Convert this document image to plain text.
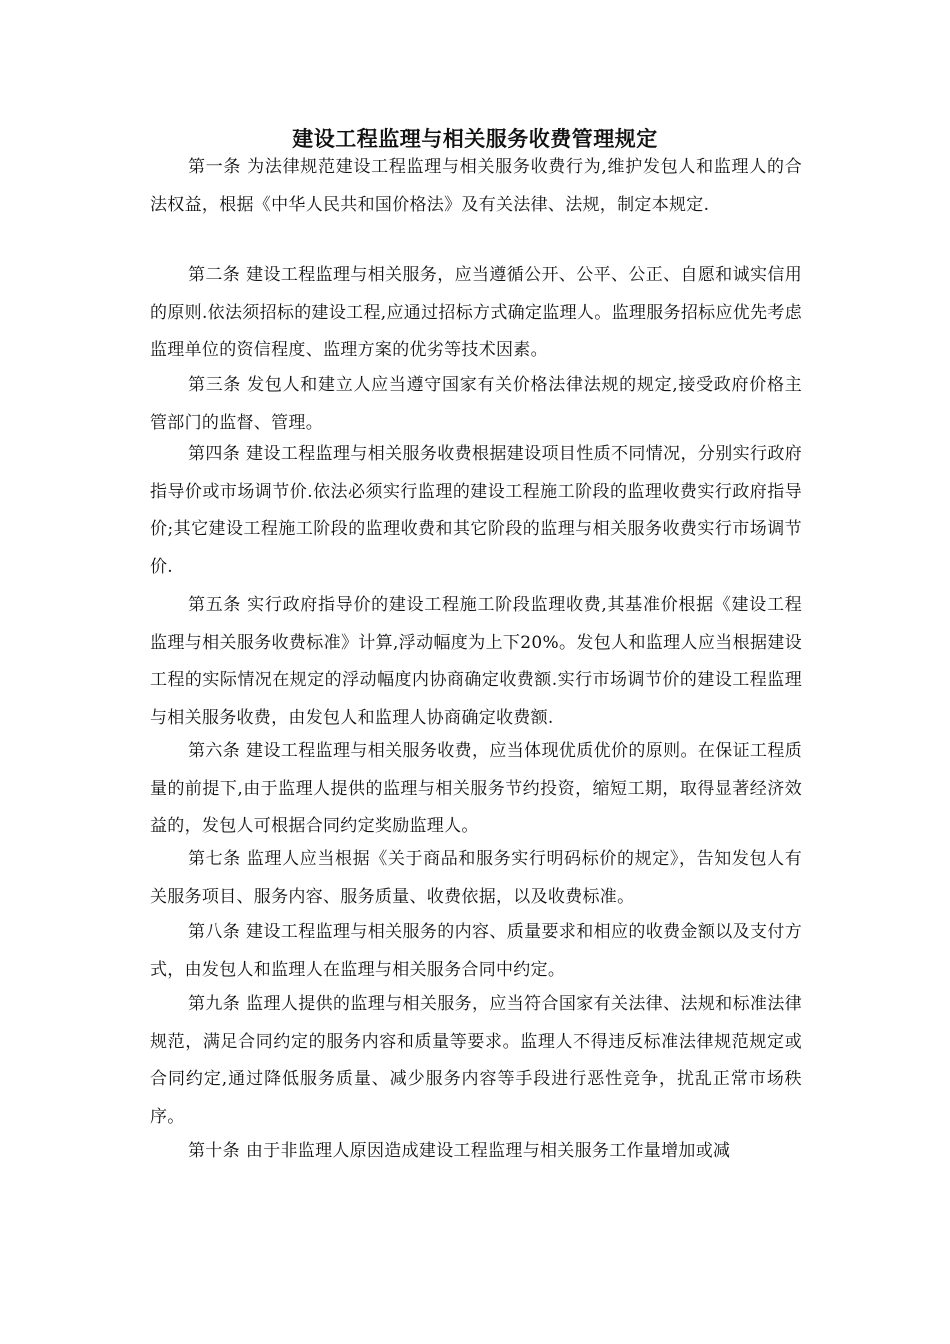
建设工程监理与相关服务收费管理规定

第一条 为法律规范建设工程监理与相关服务收费行为,维护发包人和监理人的合法权益，根据《中华人民共和国价格法》及有关法律、法规，制定本规定.

第二条 建设工程监理与相关服务，应当遵循公开、公平、公正、自愿和诚实信用的原则.依法须招标的建设工程,应通过招标方式确定监理人。监理服务招标应优先考虑监理单位的资信程度、监理方案的优劣等技术因素。

第三条 发包人和建立人应当遵守国家有关价格法律法规的规定,接受政府价格主管部门的监督、管理。

第四条 建设工程监理与相关服务收费根据建设项目性质不同情况，分别实行政府指导价或市场调节价.依法必须实行监理的建设工程施工阶段的监理收费实行政府指导价;其它建设工程施工阶段的监理收费和其它阶段的监理与相关服务收费实行市场调节价.

第五条 实行政府指导价的建设工程施工阶段监理收费,其基准价根据《建设工程监理与相关服务收费标准》计算,浮动幅度为上下20%。发包人和监理人应当根据建设工程的实际情况在规定的浮动幅度内协商确定收费额.实行市场调节价的建设工程监理与相关服务收费，由发包人和监理人协商确定收费额.

第六条 建设工程监理与相关服务收费，应当体现优质优价的原则。在保证工程质量的前提下,由于监理人提供的监理与相关服务节约投资，缩短工期，取得显著经济效益的，发包人可根据合同约定奖励监理人。

第七条 监理人应当根据《关于商品和服务实行明码标价的规定》，告知发包人有关服务项目、服务内容、服务质量、收费依据，以及收费标准。

第八条 建设工程监理与相关服务的内容、质量要求和相应的收费金额以及支付方式，由发包人和监理人在监理与相关服务合同中约定。

第九条 监理人提供的监理与相关服务，应当符合国家有关法律、法规和标准法律规范，满足合同约定的服务内容和质量等要求。监理人不得违反标准法律规范规定或合同约定,通过降低服务质量、减少服务内容等手段进行恶性竞争，扰乱正常市场秩序。

第十条 由于非监理人原因造成建设工程监理与相关服务工作量增加或减
